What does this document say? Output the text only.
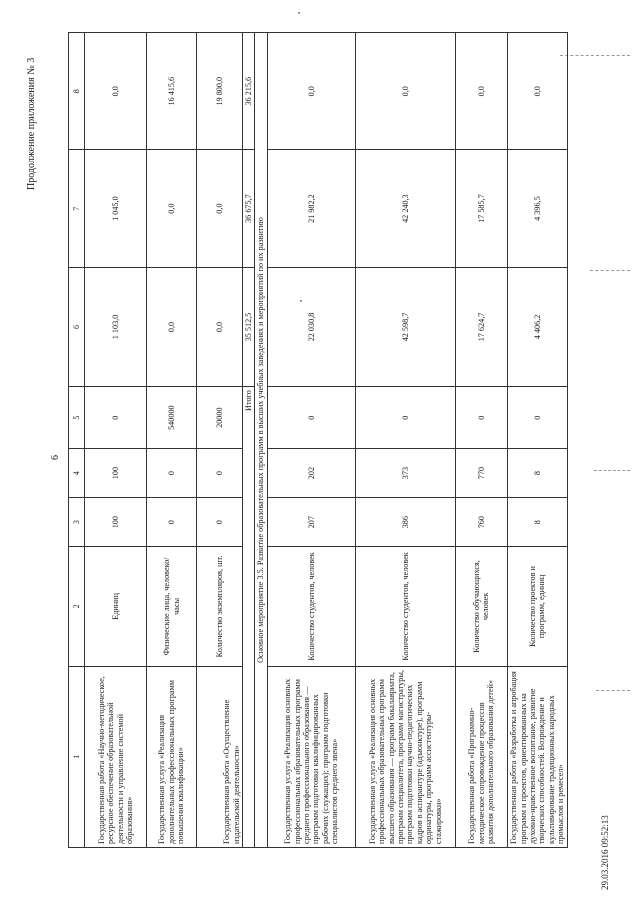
Продолжение приложения № 3
6
29.03.2016 09:52:13
1	2	3	4	5	6	7	8
Государственная работа «Научно-методическое, ресурсное обеспечение образовательной деятельности и управление системой образования»	Единиц	100	100	0	1 103,0	1 045,0	0,0
Государственная услуга «Реализация дополнительных профессиональных программ повышения квалификации»	Физические лица, человеко/часы	0	0	540000	0,0	0,0	16 415,6
Государственная работа «Осуществление издательской деятельности»	Количество экземпляров, шт.	0	0	20000	0,0	0,0	19 800,0
Итого					35 512,5	36 675,7	36 215,6
Основное мероприятие 3.5. Развитие образовательных программ в высших учебных заведениях и мероприятий по их развитию							
Государственная услуга «Реализация основных профессиональных образовательных программ среднего профессионального образования — программ подготовки квалифицированных рабочих (служащих); программ подготовки специалистов среднего звена»	Количество студентов, человек	207	202	0	22 030,8	21 982,2	0,0
Государственная услуга «Реализация основных профессиональных образовательных программ высшего образования — программ бакалавриата, программ специалитета, программ магистратуры, программ подготовки научно-педагогических кадров в аспирантуре (адъюнктуре), программ ординатуры, программ ассистентуры-стажировки»	Количество студентов, человек	386	373	0	42 598,7	42 240,3	0,0
Государственная работа «Программно-методическое сопровождение процессов развития дополнительного образования детей»	Количество обучающихся, человек	760	770	0	17 624,7	17 585,7	0,0
Государственная работа «Разработка и апробация программ и проектов, ориентированных на духовно-нравственное воспитание, развитие творческих способностей. Возрождение и культивирование традиционных народных промыслов и ремесел»	Количество проектов и программ, единиц	8	8	0	4 406,2	4 396,5	0,0
